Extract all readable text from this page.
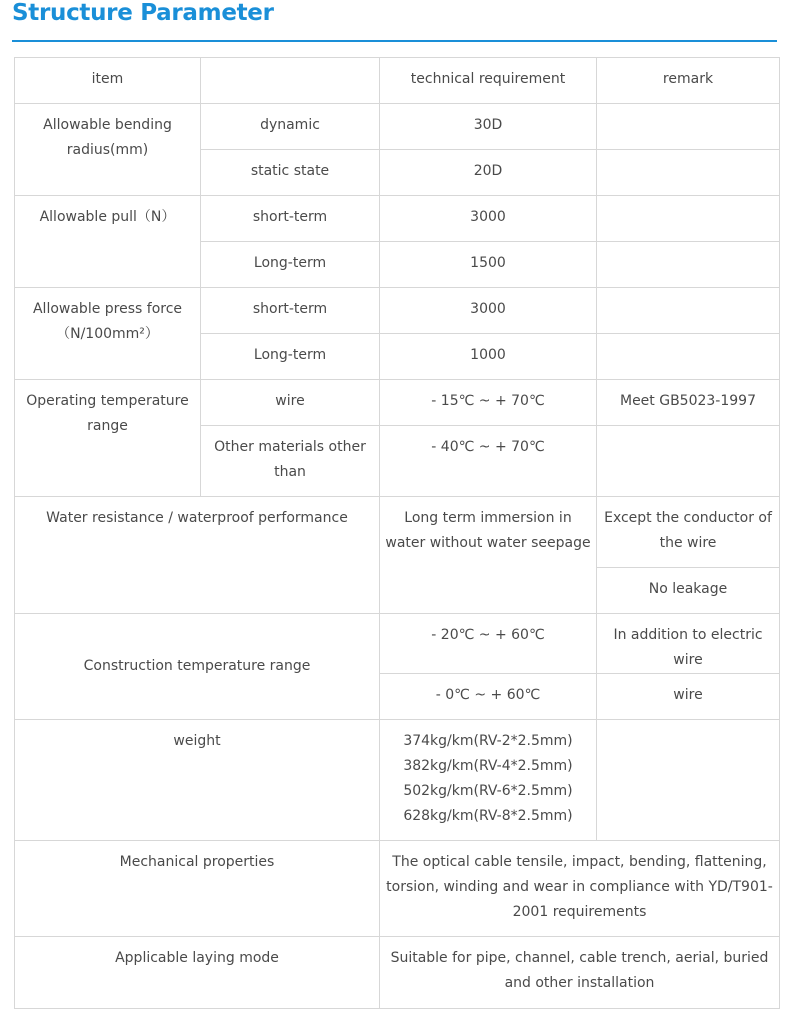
Structure Parameter
item		technical requirement	remark
Allowable bending radius(mm)	dynamic	30D	
	static state	20D	
Allowable pull（N）	short-term	3000	
	Long-term	1500	
Allowable press force（N/100mm²）	short-term	3000	
	Long-term	1000	
Operating temperature range	wire	- 15℃ ~ + 70℃	Meet GB5023-1997
	Other materials other than	- 40℃ ~ + 70℃	
Water resistance / waterproof performance		Long term immersion in water without water seepage	Except the conductor of the wire
			No leakage
Construction temperature range		- 20℃ ~ + 60℃	In addition to electric wire
		- 0℃ ~ + 60℃	wire
weight		374kg/km(RV-2*2.5mm)
382kg/km(RV-4*2.5mm)
502kg/km(RV-6*2.5mm)
628kg/km(RV-8*2.5mm)	

Mechanical properties		The optical cable tensile, impact, bending, flattening, torsion, winding and wear in compliance with YD/T901-2001 requirements	
Applicable laying mode		Suitable for pipe, channel, cable trench, aerial, buried and other installation	
